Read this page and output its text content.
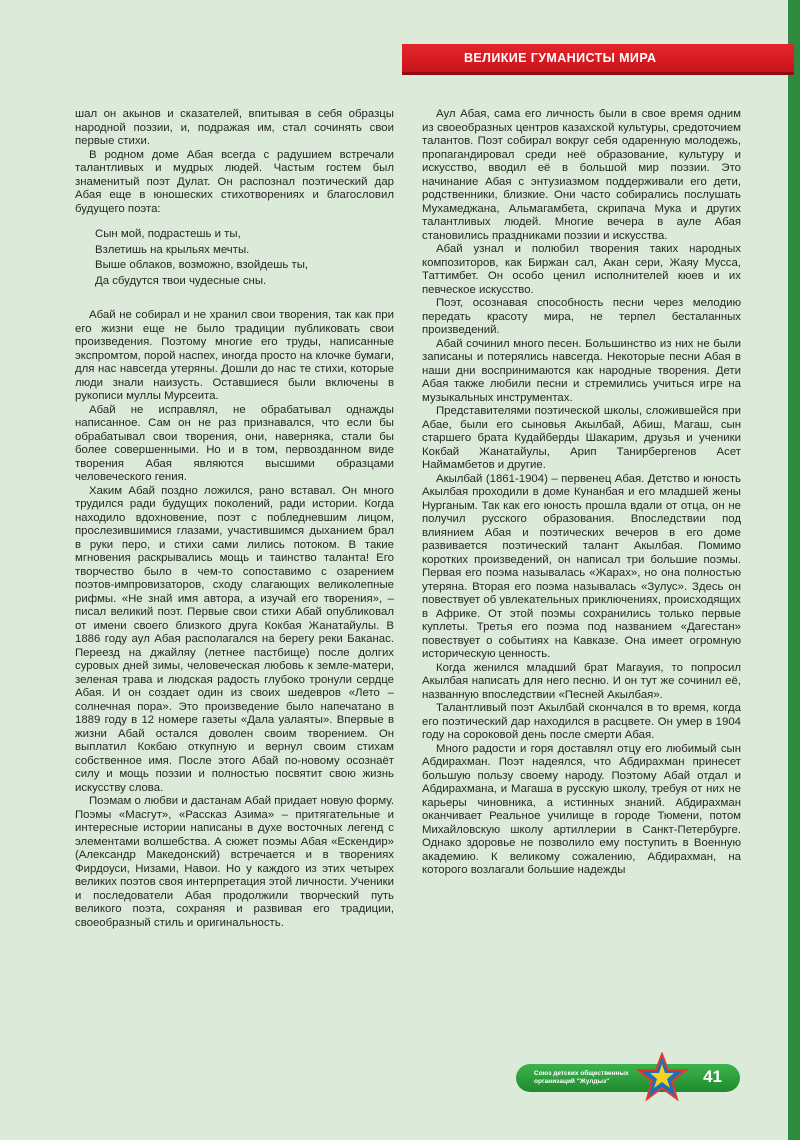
ВЕЛИКИЕ ГУМАНИСТЫ МИРА

шал он акынов и сказателей, впитывая в себя образцы народной поэзии, и, подражая им, стал сочинять свои первые стихи.

В родном доме Абая всегда с радушием встречали талантливых и мудрых людей. Частым гостем был знаменитый поэт Дулат. Он распознал поэтический дар Абая еще в юношеских стихотворениях и благословил будущего поэта:

Сын мой, подрастешь и ты,
Взлетишь на крыльях мечты.
Выше облаков, возможно, взойдешь ты,
Да сбудутся твои чудесные сны.

Абай не собирал и не хранил свои творения, так как при его жизни еще не было традиции публиковать свои произведения. Поэтому многие его труды, написанные экспромтом, порой наспех, иногда просто на клочке бумаги, для нас навсегда утеряны. Дошли до нас те стихи, которые люди знали наизусть. Оставшиеся были включены в рукописи муллы Мурсеита.

Абай не исправлял, не обрабатывал однажды написанное. Сам он не раз признавался, что если бы обрабатывал свои творения, они, наверняка, стали бы более совершенными. Но и в том, первозданном виде творения Абая являются высшими образцами человеческого гения.

Хаким Абай поздно ложился, рано вставал. Он много трудился ради будущих поколений, ради истории. Когда находило вдохновение, поэт с побледневшим лицом, прослезившимися глазами, участившимся дыханием брал в руки перо, и стихи сами лились потоком. В такие мгновения раскрывались мощь и таинство таланта! Его творчество было в чем-то сопоставимо с озарением поэтов-импровизаторов, сходу слагающих великолепные рифмы. «Не знай имя автора, а изучай его творения», – писал великий поэт. Первые свои стихи Абай опубликовал от имени своего близкого друга Кокбая Жанатайулы. В 1886 году аул Абая располагался на берегу реки Баканас. Переезд на джайляу (летнее пастбище) после долгих суровых дней зимы, человеческая любовь к земле-матери, зеленая трава и людская радость глубоко тронули сердце Абая. И он создает один из своих шедевров «Лето – солнечная пора». Это произведение было напечатано в 1889 году в 12 номере газеты «Дала уалаяты». Впервые в жизни Абай остался доволен своим творением. Он выплатил Кокбаю откупную и вернул своим стихам собственное имя. После этого Абай по-новому осознаёт силу и мощь поэзии и полностью посвятит свою жизнь искусству слова.

Поэмам о любви и дастанам Абай придает новую форму. Поэмы «Масгут», «Рассказ Азима» – притягательные и интересные истории написаны в духе восточных легенд с элементами волшебства. А сюжет поэмы Абая «Ескендир» (Александр Македонский) встречается и в творениях Фирдоуси, Низами, Навои. Но у каждого из этих четырех великих поэтов своя интерпретация этой личности. Ученики и последователи Абая продолжили творческий путь великого поэта, сохраняя и развивая его традиции, своеобразный стиль и оригинальность.

Аул Абая, сама его личность были в свое время одним из своеобразных центров казахской культуры, средоточием талантов. Поэт собирал вокруг себя одаренную молодежь, пропагандировал среди неё образование, культуру и искусство, вводил её в большой мир поэзии. Это начинание Абая с энтузиазмом поддерживали его дети, родственники, близкие. Они часто собирались послушать Мухамеджана, Альмагамбета, скрипача Мука и других талантливых людей. Многие вечера в ауле Абая становились праздниками поэзии и искусства.

Абай узнал и полюбил творения таких народных композиторов, как Биржан сал, Акан сери, Жаяу Мусса, Таттимбет. Он особо ценил исполнителей кюев и их певческое искусство.

Поэт, осознавая способность песни через мелодию передать красоту мира, не терпел бесталанных произведений.

Абай сочинил много песен. Большинство из них не были записаны и потерялись навсегда. Некоторые песни Абая в наши дни воспринимаются как народные творения. Дети Абая также любили песни и стремились учиться игре на музыкальных инструментах.

Представителями поэтической школы, сложившейся при Абае, были его сыновья Акылбай, Абиш, Магаш, сын старшего брата Кудайберды Шакарим, друзья и ученики Кокбай Жанатайулы, Арип Танирбергенов Асет Наймамбетов и другие.

Акылбай (1861-1904) – первенец Абая. Детство и юность Акылбая проходили в доме Кунанбая и его младшей жены Нурганым. Так как его юность прошла вдали от отца, он не получил русского образования. Впоследствии под влиянием Абая и поэтических вечеров в его доме развивается поэтический талант Акылбая. Помимо коротких произведений, он написал три большие поэмы. Первая его поэма называлась «Жарах», но она полностью утеряна. Вторая его поэма называлась «Зулус». Здесь он повествует об увлекательных приключениях, происходящих в Африке. От этой поэмы сохранились только первые куплеты. Третья его поэма под названием «Дагестан» повествует о событиях на Кавказе. Она имеет огромную историческую ценность.

Когда женился младший брат Магауия, то попросил Акылбая написать для него песню. И он тут же сочинил её, названную впоследствии «Песней Акылбая».

Талантливый поэт Акылбай скончался в то время, когда его поэтический дар находился в расцвете. Он умер в 1904 году на сороковой день после смерти Абая.

Много радости и горя доставлял отцу его любимый сын Абдирахман. Поэт надеялся, что Абдирахман принесет большую пользу своему народу. Поэтому Абай отдал и Абдирахмана, и Магаша в русскую школу, требуя от них не карьеры чиновника, а истинных знаний. Абдирахман оканчивает Реальное училище в городе Тюмени, потом Михайловскую школу артиллерии в Санкт-Петербурге. Однако здоровье не позволило ему поступить в Военную академию. К великому сожалению, Абдирахман, на которого возлагали большие надежды

Союз детских общественных организаций "Жулдыз"	41
